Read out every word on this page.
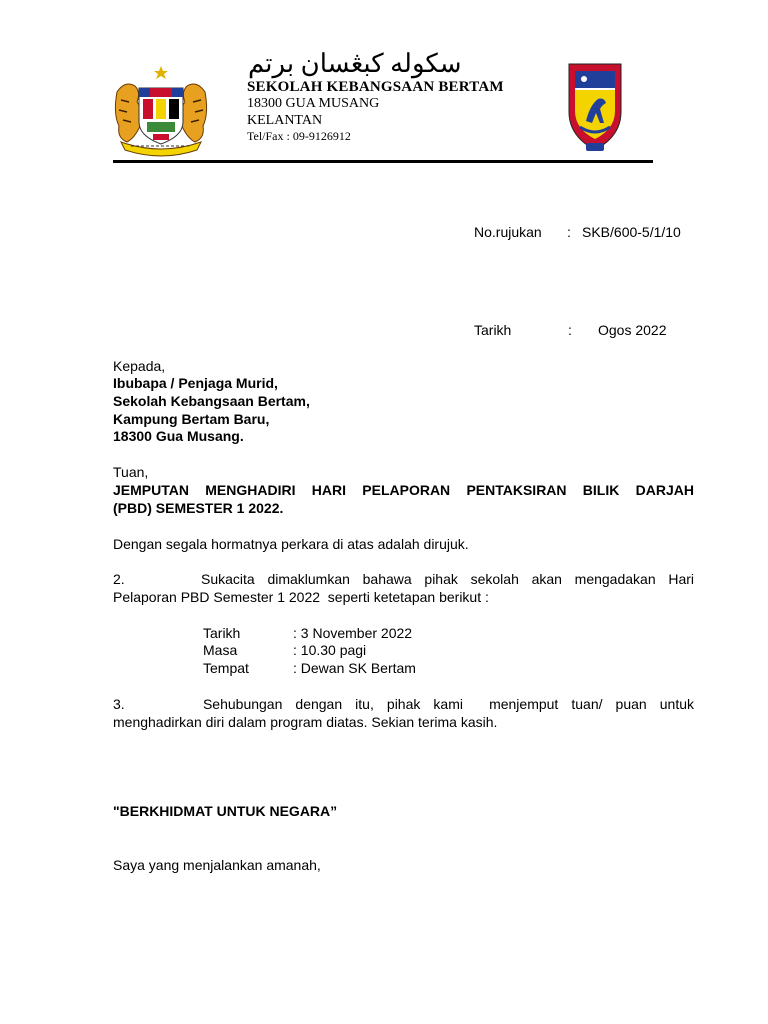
سكوله كبڠسان برتم
SEKOLAH KEBANGSAAN BERTAM
18300 GUA MUSANG
KELANTAN
Tel/Fax : 09-9126912
No.rujukan : SKB/600-5/1/10
Tarikh	: Ogos 2022
Kepada,
Ibubapa / Penjaga Murid,
Sekolah Kebangsaan Bertam,
Kampung Bertam Baru,
18300 Gua Musang.
Tuan,
JEMPUTAN MENGHADIRI HARI PELAPORAN PENTAKSIRAN BILIK DARJAH
(PBD) SEMESTER 1 2022.
Dengan segala hormatnya perkara di atas adalah dirujuk.
2.      Sukacita dimaklumkan bahawa pihak sekolah akan mengadakan Hari
Pelaporan PBD Semester 1 2022  seperti ketetapan berikut :
Tarikh	: 3 November 2022
Masa	: 10.30 pagi
Tempat	: Dewan SK Bertam
3.      Sehubungan dengan itu, pihak kami  menjemput tuan/ puan untuk
menghadirkan diri dalam program diatas. Sekian terima kasih.
"BERKHIDMAT UNTUK NEGARA”
Saya yang menjalankan amanah,
